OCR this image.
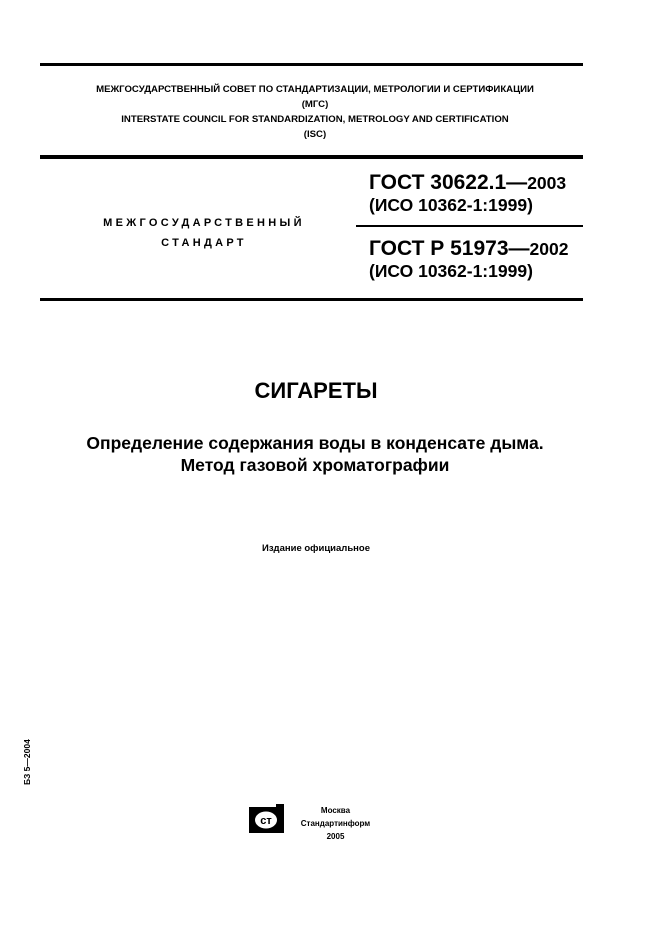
МЕЖГОСУДАРСТВЕННЫЙ СОВЕТ ПО СТАНДАРТИЗАЦИИ, МЕТРОЛОГИИ И СЕРТИФИКАЦИИ
(МГС)
INTERSTATE COUNCIL FOR STANDARDIZATION, METROLOGY AND CERTIFICATION
(ISC)
МЕЖГОСУДАРСТВЕННЫЙ
СТАНДАРТ
ГОСТ 30622.1—2003
(ИСО 10362-1:1999)
ГОСТ Р 51973—2002
(ИСО 10362-1:1999)
СИГАРЕТЫ
Определение содержания воды в конденсате дыма.
Метод газовой хроматографии
Издание официальное
БЗ 5—2004
ст
Москва
Стандартинформ
2005
